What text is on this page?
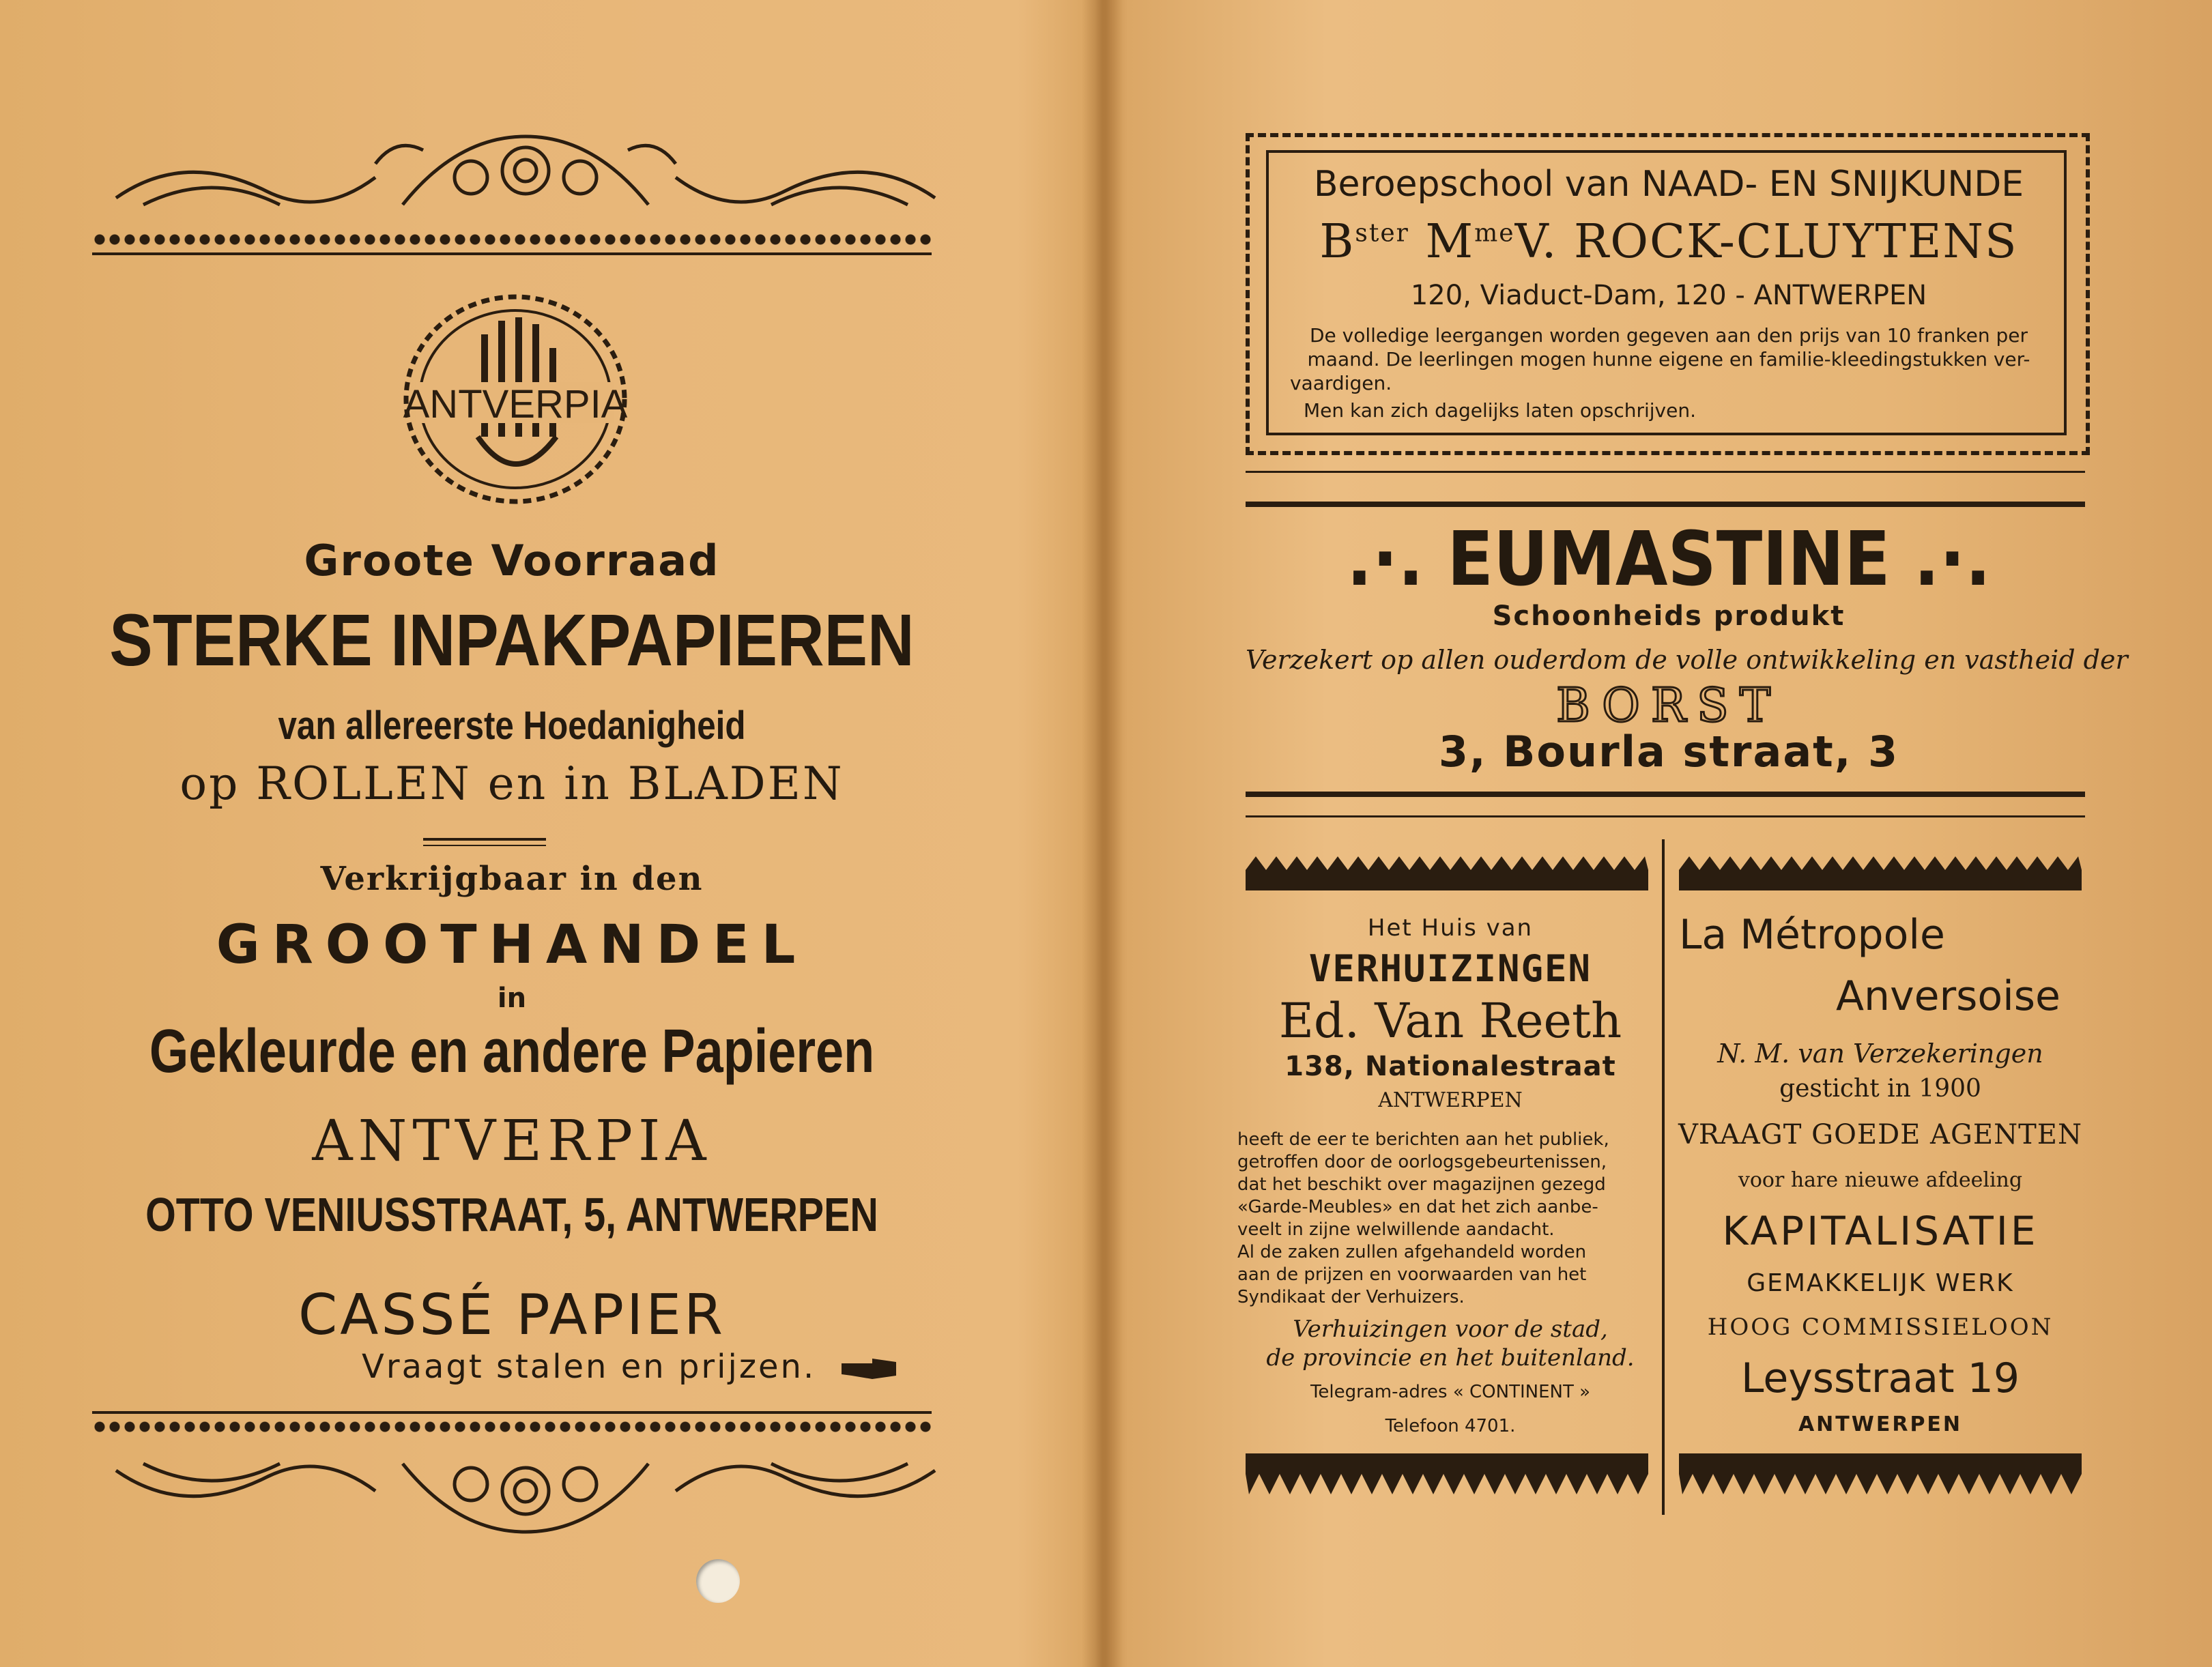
ANTVERPIA
Groote Voorraad
STERKE INPAKPAPIEREN
van allereerste Hoedanigheid
op ROLLEN en in BLADEN
Verkrijgbaar in den
GROOTHANDEL
in
Gekleurde en andere Papieren
ANTVERPIA
OTTO VENIUSSTRAAT, 5, ANTWERPEN
CASSÉ PAPIER
Vraagt stalen en prijzen.
Beroepschool van NAAD- EN SNIJKUNDE
$B^{ster}$ $M^{me}V$. ROCK-CLUYTENS
120, Viaduct-Dam, 120 - ANTWERPEN
De volledige leergangen worden gegeven aan den prijs van 10 franken per
maand. De leerlingen mogen hunne eigene en familie-kleedingstukken ver-
vaardigen.
Men kan zich dagelijks laten opschrijven.
.·. EUMASTINE .·.
Schoonheids produkt
Verzekert op allen ouderdom de volle ontwikkeling en vastheid der
BORST
3, Bourla straat, 3
Het Huis van
VERHUIZINGEN
Ed. Van Reeth
138, Nationalestraat
ANTWERPEN
heeft de eer te berichten aan het publiek,
getroffen door de oorlogsgebeurtenissen,
dat het beschikt over magazijnen gezegd
«Garde-Meubles» en dat het zich aanbe-
veelt in zijne welwillende aandacht.
Al de zaken zullen afgehandeld worden
aan de prijzen en voorwaarden van het
Syndikaat der Verhuizers.
Verhuizingen voor de stad,
de provincie en het buitenland.
Telegram-adres « CONTINENT »
Telefoon 4701.
La Métropole
Anversoise
N. M. van Verzekeringen
gesticht in 1900
VRAAGT GOEDE AGENTEN
voor hare nieuwe afdeeling
KAPITALISATIE
GEMAKKELIJK WERK
HOOG COMMISSIELOON
Leysstraat 19
ANTWERPEN
